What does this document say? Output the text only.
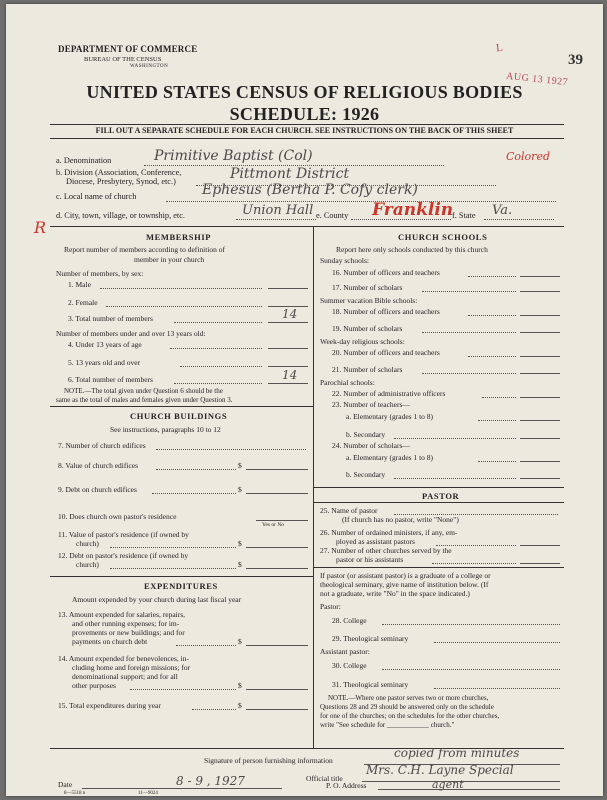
DEPARTMENT OF COMMERCE
BUREAU OF THE CENSUS
WASHINGTON	39
L
AUG 13 1927
UNITED STATES CENSUS OF RELIGIOUS BODIES
SCHEDULE: 1926
FILL OUT A SEPARATE SCHEDULE FOR EACH CHURCH. SEE INSTRUCTIONS ON THE BACK OF THIS SHEET
a. Denomination	Primitive Baptist (Col)	Colored
b. Division (Association, Conference,
Diocese, Presbytery, Synod, etc.)	Pittmont District
c. Local name of church	Ephesus (Bertha P. Cofy clerk)
R
d. City, town, village, or township, etc.	Union Hall e. County Franklin
f. State Va.
MEMBERSHIP
Report number of members according to definition of
member in your church
Number of members, by sex:
1. Male
2. Female
3. Total number of members	14
Number of members under and over 13 years old:
4. Under 13 years of age
5. 13 years old and over
6. Total number of members	14
NOTE.—The total given under Question 6 should be the
same as the total of males and females given under Question 3.
CHURCH BUILDINGS
See instructions, paragraphs 10 to 12
7. Number of church edifices
8. Value of church edifices	$
9. Debt on church edifices	$
10. Does church own pastor's residence
Yes or No
11. Value of pastor's residence (if owned by
church)	$
12. Debt on pastor's residence (if owned by
church)	$
EXPENDITURES
Amount expended by your church during last fiscal year
13. Amount expended for salaries, repairs,
and other running expenses; for im-
provements or new buildings; and for
payments on church debt	$
14. Amount expended for benevolences, in-
cluding home and foreign missions; for
denominational support; and for all
other purposes	$
15. Total expenditures during year	$
CHURCH SCHOOLS
Report here only schools conducted by this church
Sunday schools:
16. Number of officers and teachers
17. Number of scholars
Summer vacation Bible schools:
18. Number of officers and teachers
19. Number of scholars
Week-day religious schools:
20. Number of officers and teachers
21. Number of scholars
Parochial schools:
22. Number of administrative officers
23. Number of teachers—
a. Elementary (grades 1 to 8)
b. Secondary
24. Number of scholars—
a. Elementary (grades 1 to 8)
b. Secondary
PASTOR
25. Name of pastor
(If church has no pastor, write "None")
26. Number of ordained ministers, if any, em-
ployed as assistant pastors
27. Number of other churches served by the
pastor or his assistants
If pastor (or assistant pastor) is a graduate of a college or
theological seminary, give name of institution below. (If
not a graduate, write "No" in the space indicated.)
Pastor:
28. College
29. Theological seminary
Assistant pastor:
30. College
31. Theological seminary
NOTE.—Where one pastor serves two or more churches,
Questions 28 and 29 should be answered only on the schedule
for one of the churches; on the schedules for the other churches,
write "See schedule for ____________ church."
Signature of person furnishing information
copied from minutes
Official title
Mrs. C.H. Layne Special
agent
Date	8 - 9 , 1927	P. O. Address
8—5518 n	11—9024
